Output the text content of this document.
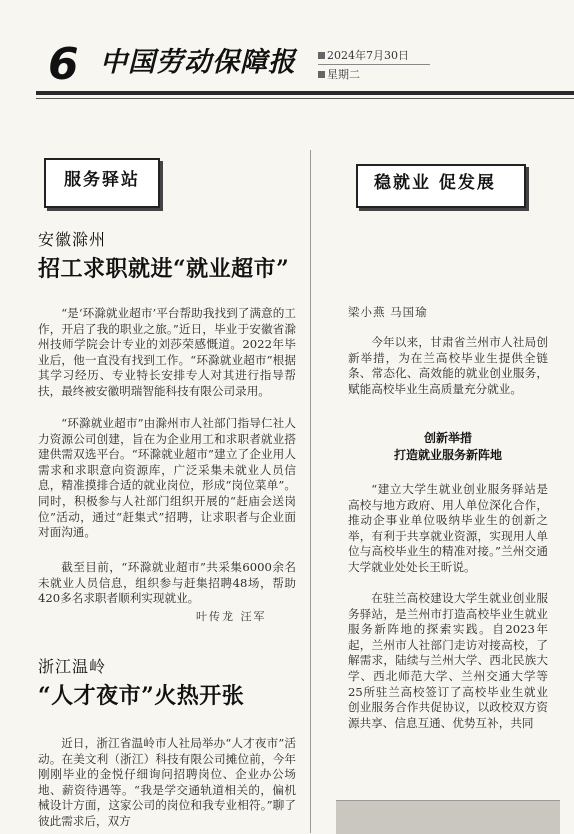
6 中国劳动保障报	2024年7月30日
星期二
服务驿站
安徽滁州
招工求职就进“就业超市”
“是‘环滁就业超市’平台帮助我找到了满意的工作，开启了我的职业之旅。”近日，毕业于安徽省滁州技师学院会计专业的刘莎荣感慨道。2022年毕业后，他一直没有找到工作。“环滁就业超市”根据其学习经历、专业特长安排专人对其进行指导帮扶，最终被安徽明瑞智能科技有限公司录用。
“环滁就业超市”由滁州市人社部门指导仁社人力资源公司创建，旨在为企业用工和求职者就业搭建供需双选平台。“环滁就业超市”建立了企业用人需求和求职意向资源库，广泛采集未就业人员信息，精准摸排合适的就业岗位，形成“岗位菜单”。同时，积极参与人社部门组织开展的“赶庙会送岗位”活动，通过“赶集式”招聘，让求职者与企业面对面沟通。
截至目前，“环滁就业超市”共采集6000余名未就业人员信息，组织参与赶集招聘48场，帮助420多名求职者顺利实现就业。
叶传龙 汪军
浙江温岭
“人才夜市”火热开张
近日，浙江省温岭市人社局举办“人才夜市”活动。在美文利（浙江）科技有限公司摊位前，今年刚刚毕业的金悦仔细询问招聘岗位、企业办公场地、薪资待遇等。“我是学交通轨道相关的，偏机械设计方面，这家公司的岗位和我专业相符。”聊了彼此需求后，双方
稳就业 促发展
梁小燕 马国瑜
今年以来，甘肃省兰州市人社局创新举措，为在兰高校毕业生提供全链条、常态化、高效能的就业创业服务，赋能高校毕业生高质量充分就业。
创新举措
打造就业服务新阵地
“建立大学生就业创业服务驿站是高校与地方政府、用人单位深化合作，推动企事业单位吸纳毕业生的创新之举，有利于共享就业资源，实现用人单位与高校毕业生的精准对接。”兰州交通大学就业处处长王昕说。
在驻兰高校建设大学生就业创业服务驿站，是兰州市打造高校毕业生就业服务新阵地的探索实践。自2023年起，兰州市人社部门走访对接高校，了解需求，陆续与兰州大学、西北民族大学、西北师范大学、兰州交通大学等25所驻兰高校签订了高校毕业生就业创业服务合作共促协议，以政校双方资源共享、信息互通、优势互补，共同
